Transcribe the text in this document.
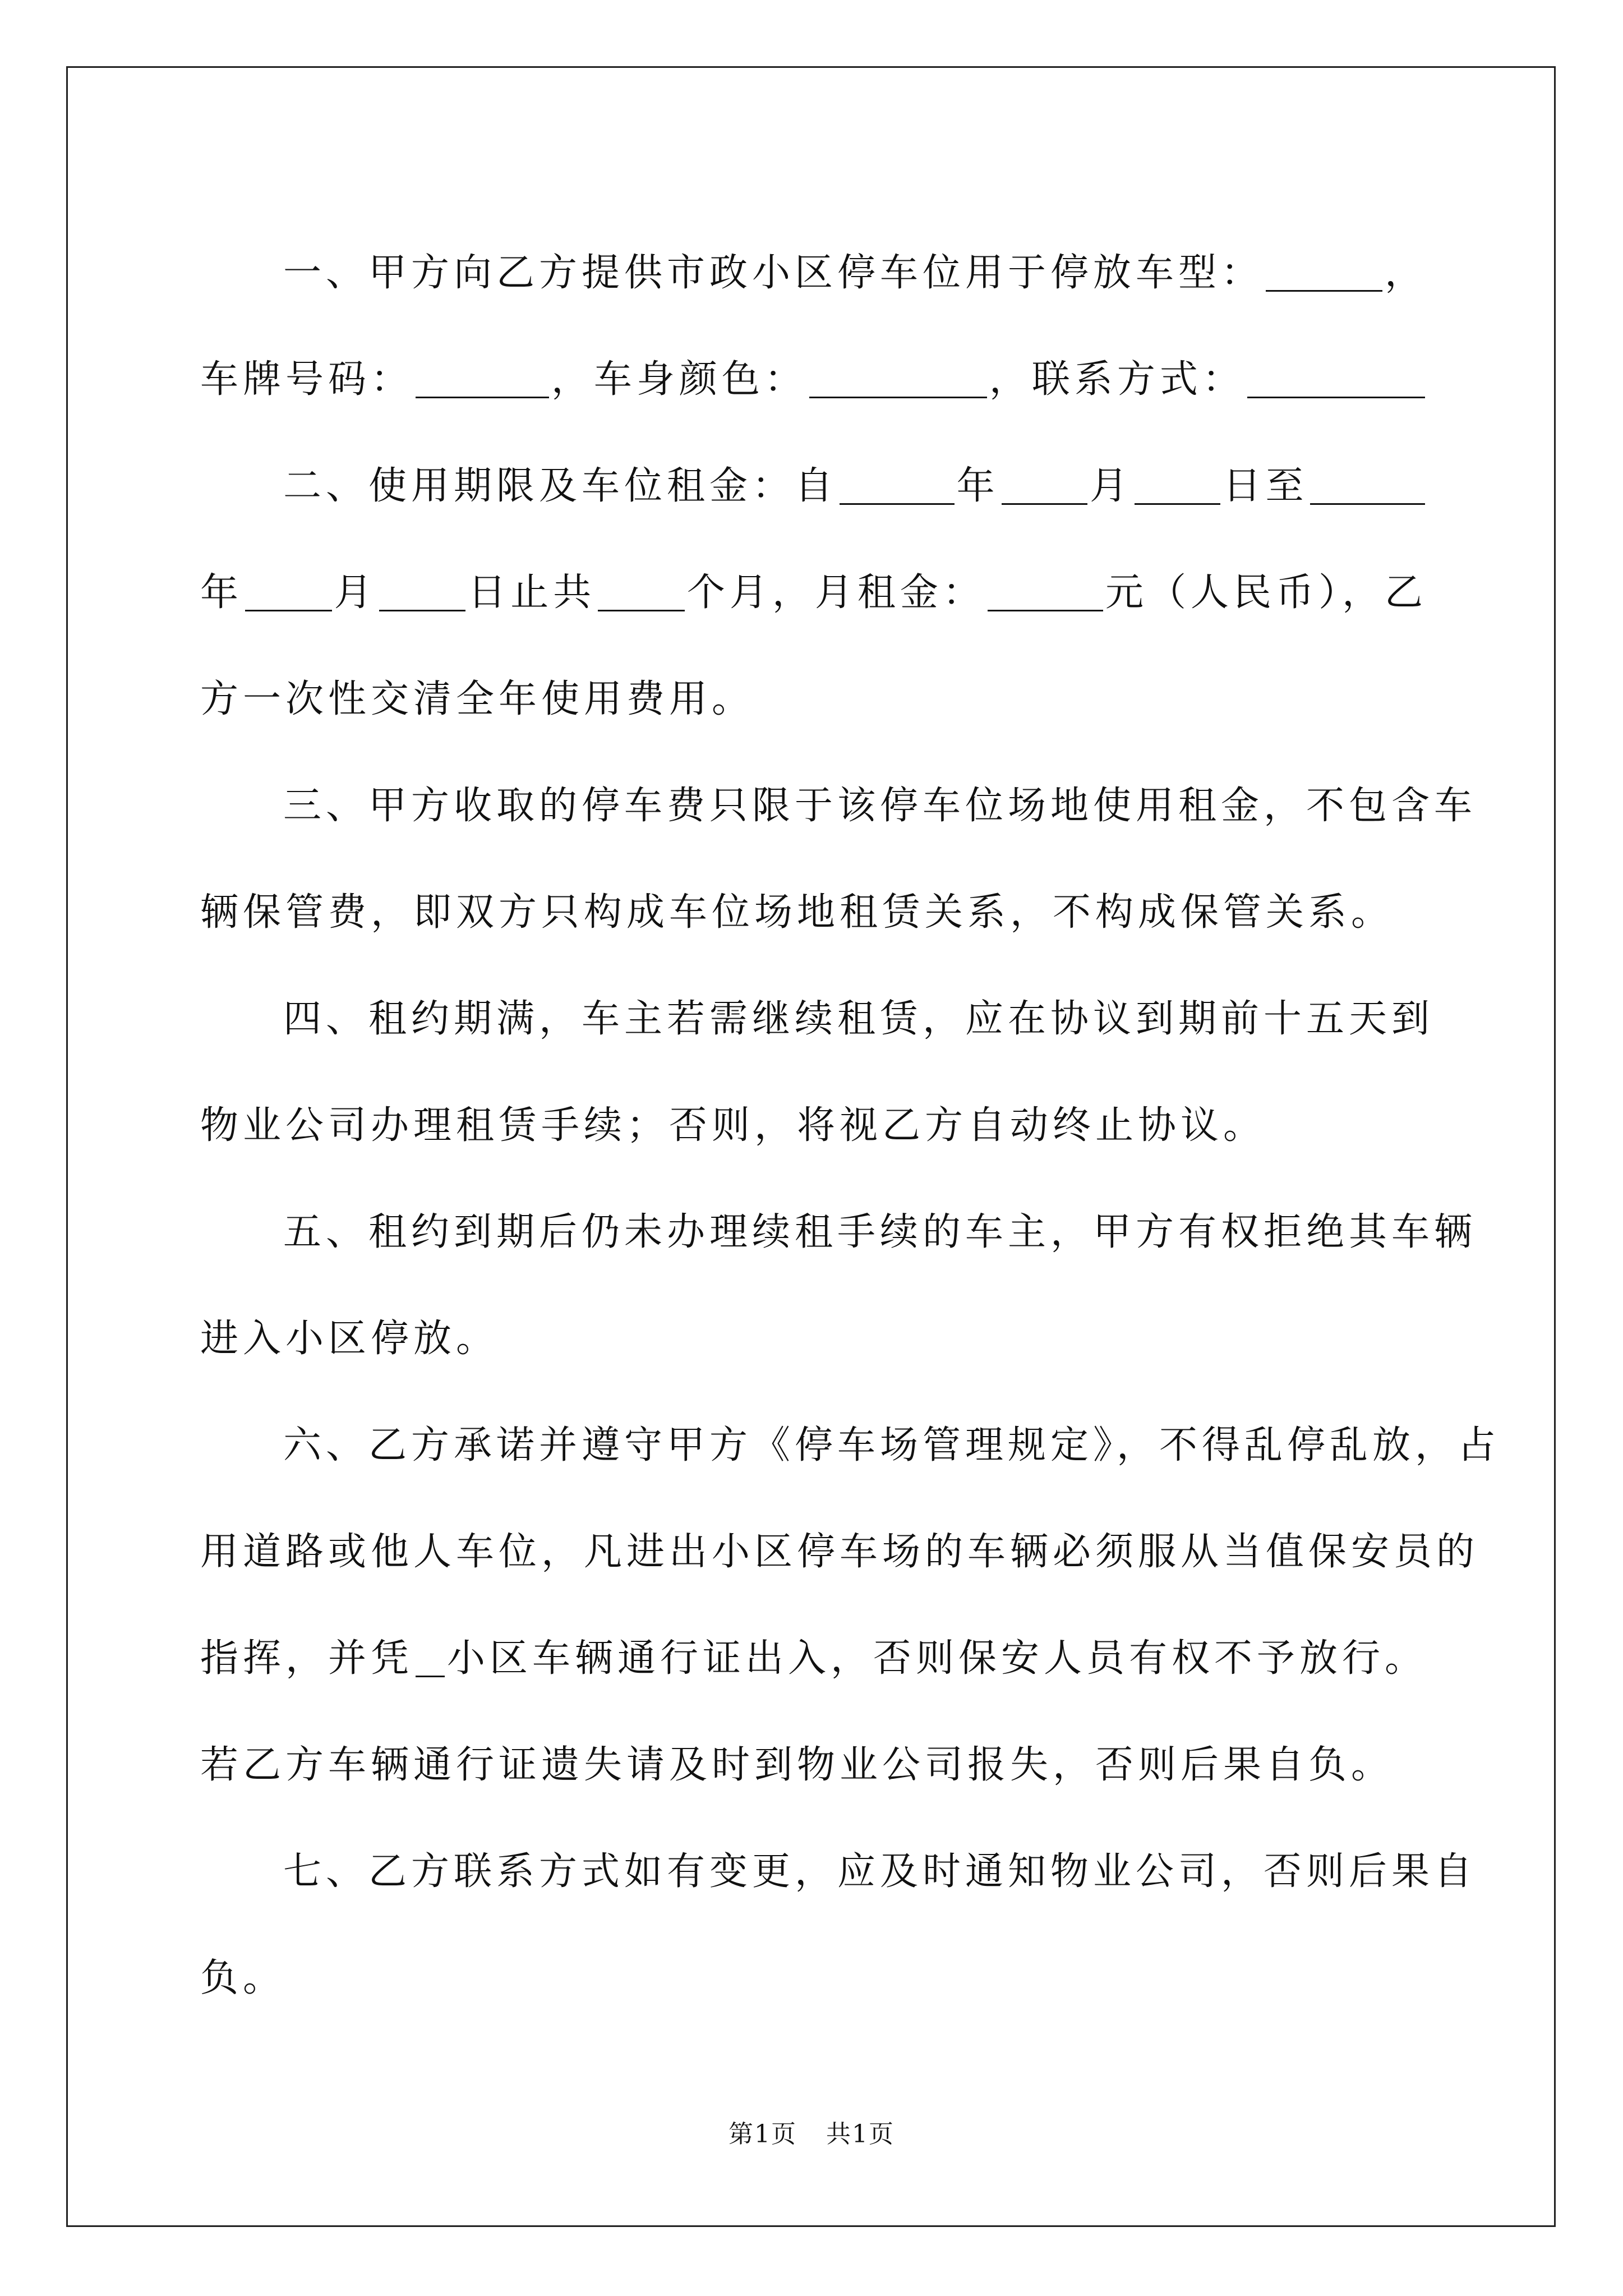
一、甲方向乙方提供市政小区停车位用于停放车型：	，
车牌号码：	，车身颜色：	，联系方式：
二、使用期限及车位租金：自	年 月 日至
年 月 日止共 个月，月租金：	元（人民币），乙
方一次性交清全年使用费用。
三、甲方收取的停车费只限于该停车位场地使用租金，不包含车
辆保管费，即双方只构成车位场地租赁关系，不构成保管关系。
四、租约期满，车主若需继续租赁，应在协议到期前十五天到
物业公司办理租赁手续；否则，将视乙方自动终止协议。
五、租约到期后仍未办理续租手续的车主，甲方有权拒绝其车辆
进入小区停放。
六、乙方承诺并遵守甲方《停车场管理规定》，不得乱停乱放，占
用道路或他人车位，凡进出小区停车场的车辆必须服从当值保安员的
指挥，并凭 小区车辆通行证出入，否则保安人员有权不予放行。
若乙方车辆通行证遗失请及时到物业公司报失，否则后果自负。
七、乙方联系方式如有变更，应及时通知物业公司，否则后果自
负。
第1页 共1页
